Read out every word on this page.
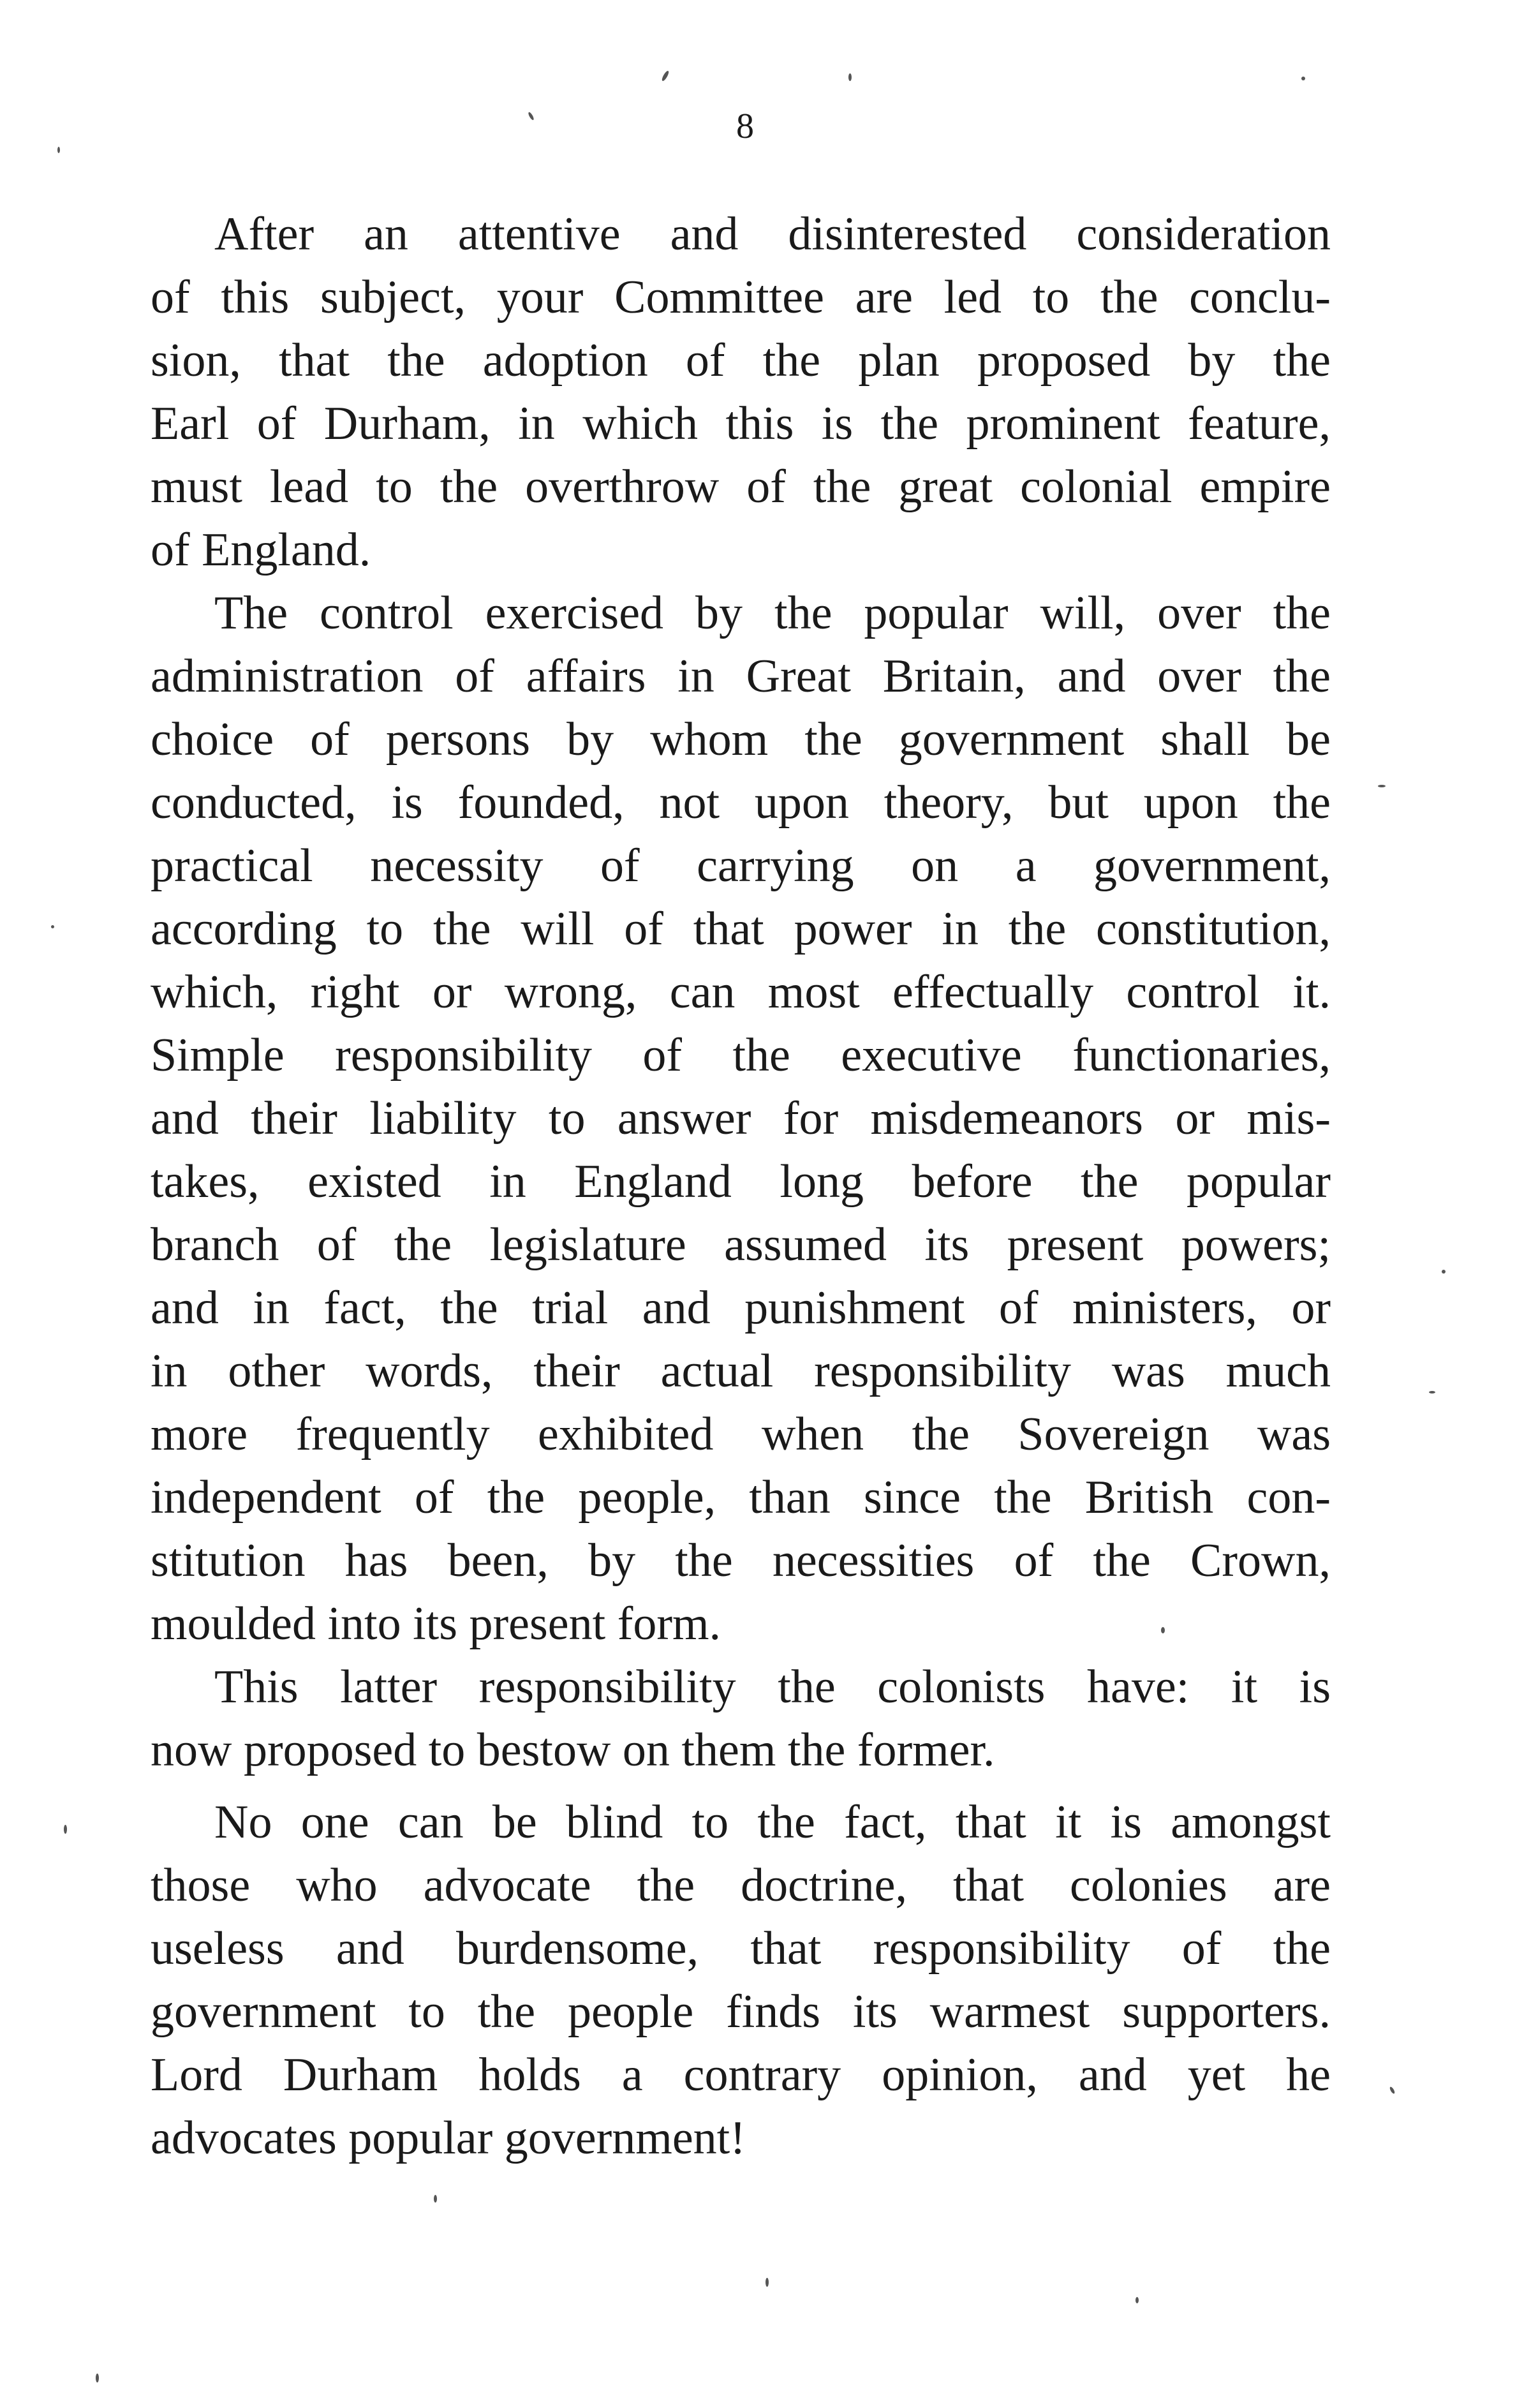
8
After an attentive and disinterested consideration
of this subject, your Committee are led to the conclu-
sion, that the adoption of the plan proposed by the
Earl of Durham, in which this is the prominent feature,
must lead to the overthrow of the great colonial empire
of England.
The control exercised by the popular will, over the
administration of affairs in Great Britain, and over the
choice of persons by whom the government shall be
conducted, is founded, not upon theory, but upon the
practical necessity of carrying on a government,
according to the will of that power in the constitution,
which, right or wrong, can most effectually control it.
Simple responsibility of the executive functionaries,
and their liability to answer for misdemeanors or mis-
takes, existed in England long before the popular
branch of the legislature assumed its present powers;
and in fact, the trial and punishment of ministers, or
in other words, their actual responsibility was much
more frequently exhibited when the Sovereign was
independent of the people, than since the British con-
stitution has been, by the necessities of the Crown,
moulded into its present form.
This latter responsibility the colonists have: it is
now proposed to bestow on them the former.
No one can be blind to the fact, that it is amongst
those who advocate the doctrine, that colonies are
useless and burdensome, that responsibility of the
government to the people finds its warmest supporters.
Lord Durham holds a contrary opinion, and yet he
advocates popular government!
